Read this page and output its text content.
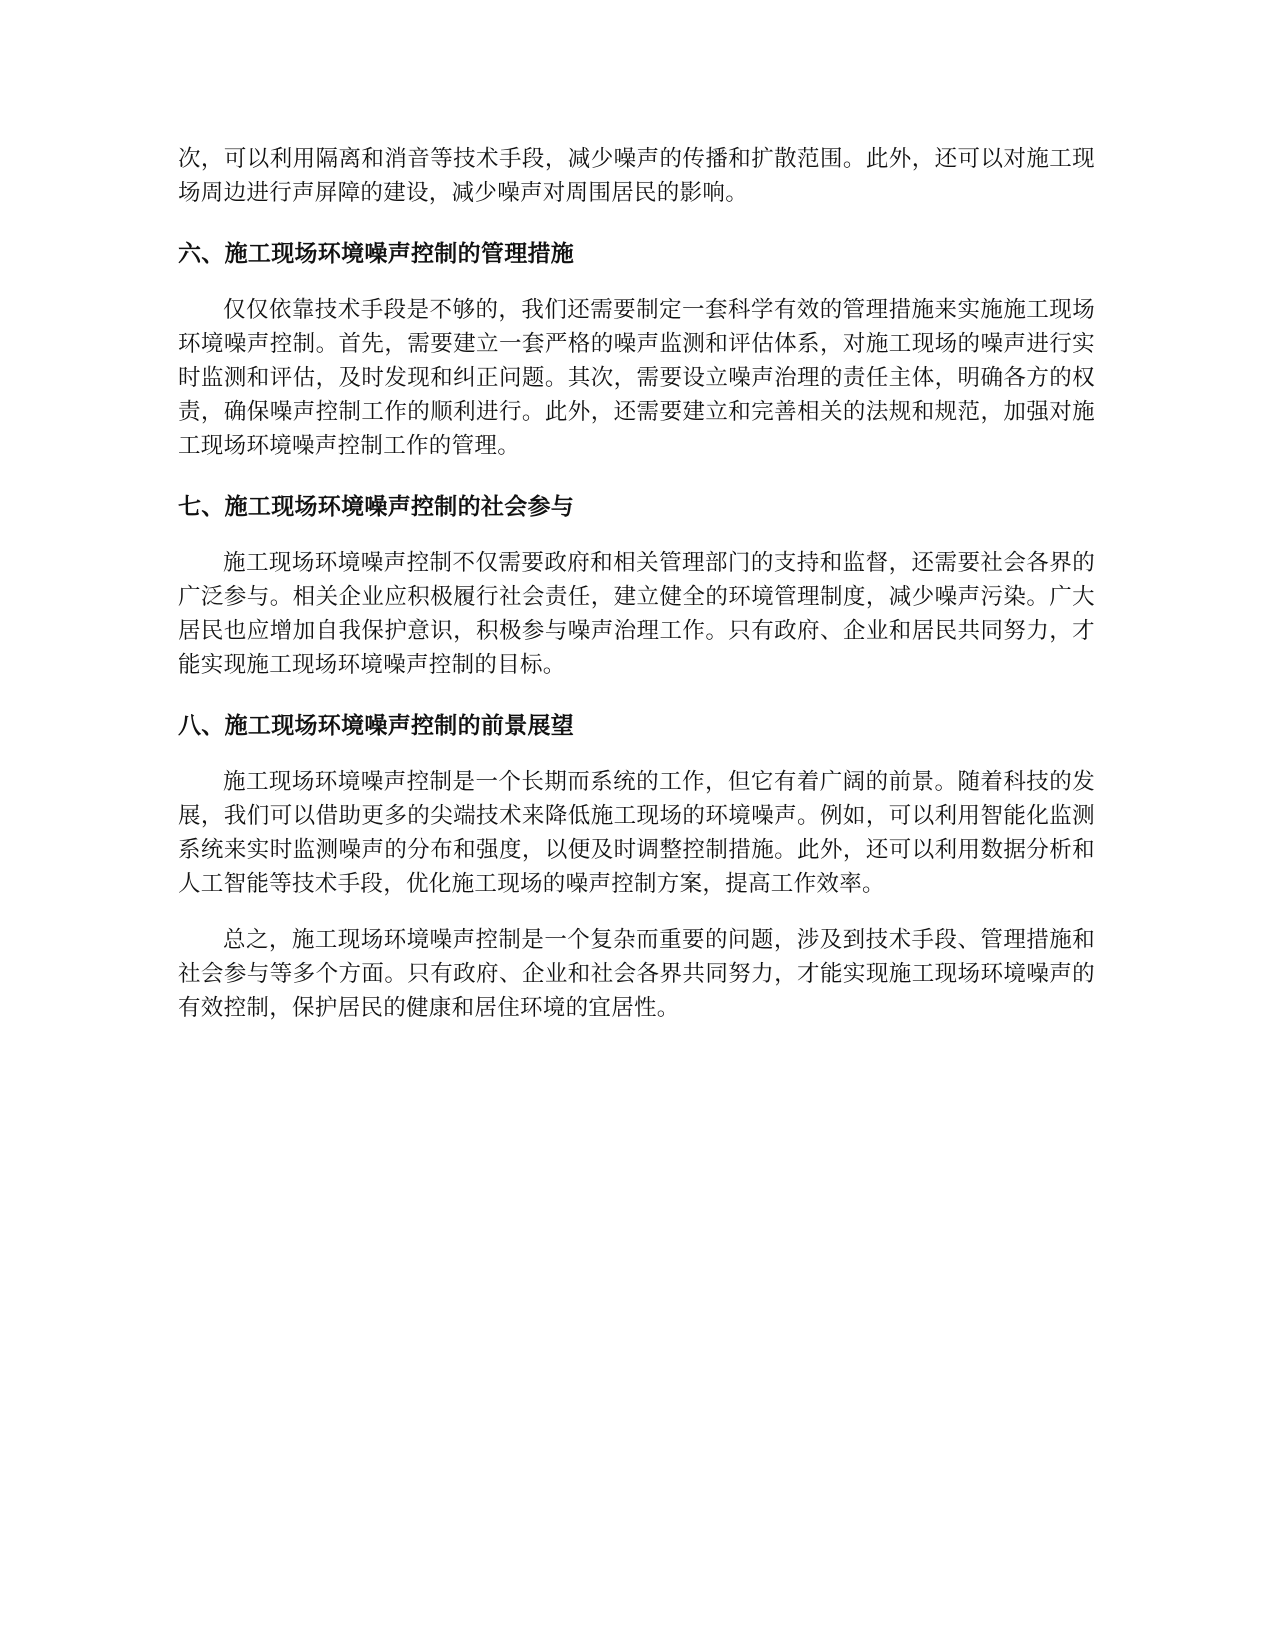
次，可以利用隔离和消音等技术手段，减少噪声的传播和扩散范围。此外，还可以对施工现场周边进行声屏障的建设，减少噪声对周围居民的影响。

六、施工现场环境噪声控制的管理措施

仅仅依靠技术手段是不够的，我们还需要制定一套科学有效的管理措施来实施施工现场环境噪声控制。首先，需要建立一套严格的噪声监测和评估体系，对施工现场的噪声进行实时监测和评估，及时发现和纠正问题。其次，需要设立噪声治理的责任主体，明确各方的权责，确保噪声控制工作的顺利进行。此外，还需要建立和完善相关的法规和规范，加强对施工现场环境噪声控制工作的管理。

七、施工现场环境噪声控制的社会参与

施工现场环境噪声控制不仅需要政府和相关管理部门的支持和监督，还需要社会各界的广泛参与。相关企业应积极履行社会责任，建立健全的环境管理制度，减少噪声污染。广大居民也应增加自我保护意识，积极参与噪声治理工作。只有政府、企业和居民共同努力，才能实现施工现场环境噪声控制的目标。

八、施工现场环境噪声控制的前景展望

施工现场环境噪声控制是一个长期而系统的工作，但它有着广阔的前景。随着科技的发展，我们可以借助更多的尖端技术来降低施工现场的环境噪声。例如，可以利用智能化监测系统来实时监测噪声的分布和强度，以便及时调整控制措施。此外，还可以利用数据分析和人工智能等技术手段，优化施工现场的噪声控制方案，提高工作效率。

总之，施工现场环境噪声控制是一个复杂而重要的问题，涉及到技术手段、管理措施和社会参与等多个方面。只有政府、企业和社会各界共同努力，才能实现施工现场环境噪声的有效控制，保护居民的健康和居住环境的宜居性。
